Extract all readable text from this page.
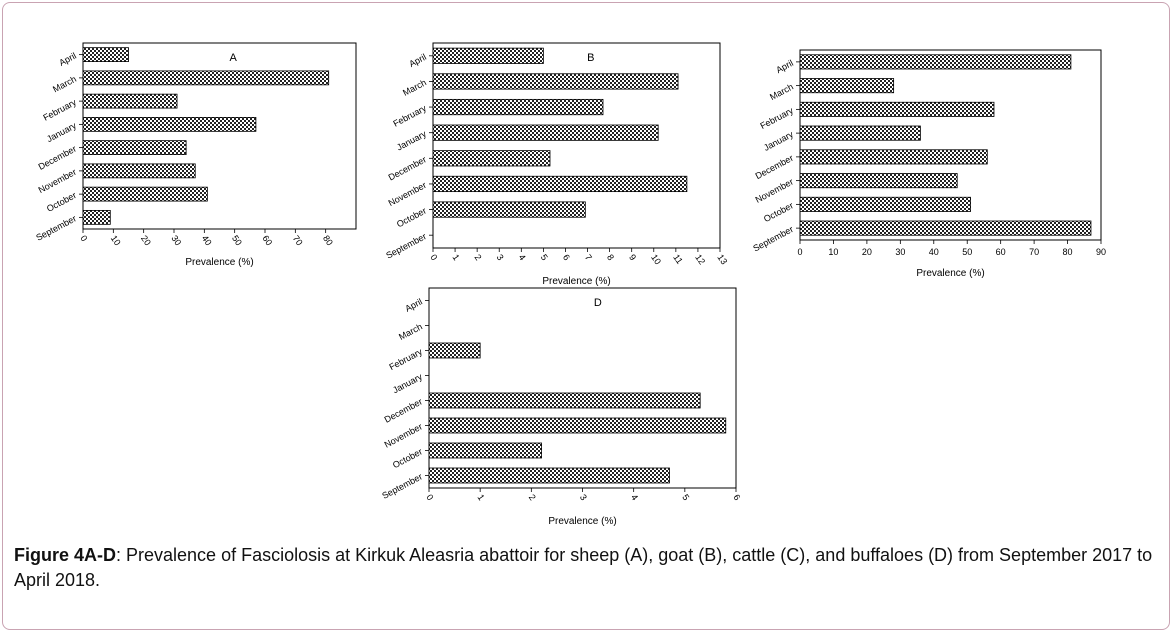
A
April
March
February
January
December
November
October
September 0 10 20 30 40 50 60 70 80
Prevalence (%)
B
April
March
February
January
December
November
October
September 0 1 2 3 4 5 6 7 8 9 10 11 12 13
Prevalence (%)
April
March
February
January
December
November
October
September 0	10	20	30	40	50	60	70	80	90
Prevalence (%)
D
April
March
February
January
December
November
October
September 0	1	2	3	4	5	6
Prevalence (%)
Figure 4A-D: Prevalence of Fasciolosis at Kirkuk Aleasria abattoir for sheep (A), goat (B), cattle (C), and buffaloes (D) from September 2017 to April 2018.
